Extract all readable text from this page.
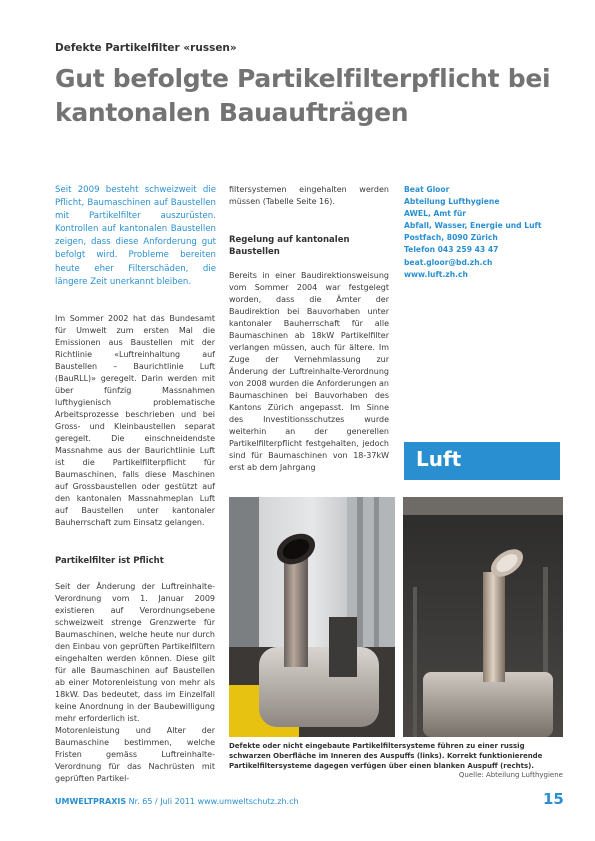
Defekte Partikelfilter «russen»
Gut befolgte Partikelfilterpflicht bei
kantonalen Bauaufträgen
Seit 2009 besteht schweizweit die Pflicht, Baumaschinen auf Baustellen mit Partikelfilter auszurüsten. Kontrollen auf kantonalen Baustellen zeigen, dass diese Anforderung gut befolgt wird. Probleme bereiten heute eher Filterschäden, die längere Zeit unerkannt bleiben.

Im Sommer 2002 hat das Bundesamt für Umwelt zum ersten Mal die Emissionen aus Baustellen mit der Richtlinie «Luftreinhaltung auf Baustellen – Baurichtlinie Luft (BauRLL)» geregelt. Darin werden mit über fünfzig Massnahmen lufthygienisch problematische Arbeitsprozesse beschrieben und bei Gross- und Kleinbaustellen separat geregelt. Die einschneidendste Massnahme aus der Baurichtlinie Luft ist die Partikelfilterpflicht für Baumaschinen, falls diese Maschinen auf Grossbaustellen oder gestützt auf den kantonalen Massnahmeplan Luft auf Baustellen unter kantonaler Bauherrschaft zum Einsatz gelangen.

Partikelfilter ist Pflicht

Seit der Änderung der Luftreinhalte-Verordnung vom 1. Januar 2009 existieren auf Verordnungsebene schweizweit strenge Grenzwerte für Baumaschinen, welche heute nur durch den Einbau von geprüften Partikelfiltern eingehalten werden können. Diese gilt für alle Baumaschinen auf Baustellen ab einer Motorenleistung von mehr als 18kW. Das bedeutet, dass im Einzelfall keine Anordnung in der Baubewilligung mehr erforderlich ist.

Motorenleistung und Alter der Baumaschine bestimmen, welche Fristen gemäss Luftreinhalte-Verordnung für das Nachrüsten mit geprüften Partikel-

filtersystemen eingehalten werden müssen (Tabelle Seite 16).

Regelung auf kantonalen
Baustellen

Bereits in einer Baudirektionsweisung vom Sommer 2004 war festgelegt worden, dass die Ämter der Baudirektion bei Bauvorhaben unter kantonaler Bauherrschaft für alle Baumaschinen ab 18kW Partikelfilter verlangen müssen, auch für ältere. Im Zuge der Vernehmlassung zur Änderung der Luftreinhalte-Verordnung von 2008 wurden die Anforderungen an Baumaschinen bei Bauvorhaben des Kantons Zürich angepasst. Im Sinne des Investitionsschutzes wurde weiterhin an der generellen Partikelfilterpflicht festgehalten, jedoch sind für Baumaschinen von 18-37kW erst ab dem Jahrgang

Beat Gloor
Abteilung Lufthygiene
AWEL, Amt für
Abfall, Wasser, Energie und Luft
Postfach, 8090 Zürich
Telefon 043 259 43 47
beat.gloor@bd.zh.ch
www.luft.zh.ch
Luft
Defekte oder nicht eingebaute Partikelfiltersysteme führen zu einer russig schwarzen Oberfläche im Inneren des Auspuffs (links). Korrekt funktionierende Partikelfiltersysteme dagegen verfügen über einen blanken Auspuff (rechts).
Quelle: Abteilung Lufthygiene
UMWELTPRAXIS Nr. 65 / Juli 2011 www.umweltschutz.zh.ch	15
